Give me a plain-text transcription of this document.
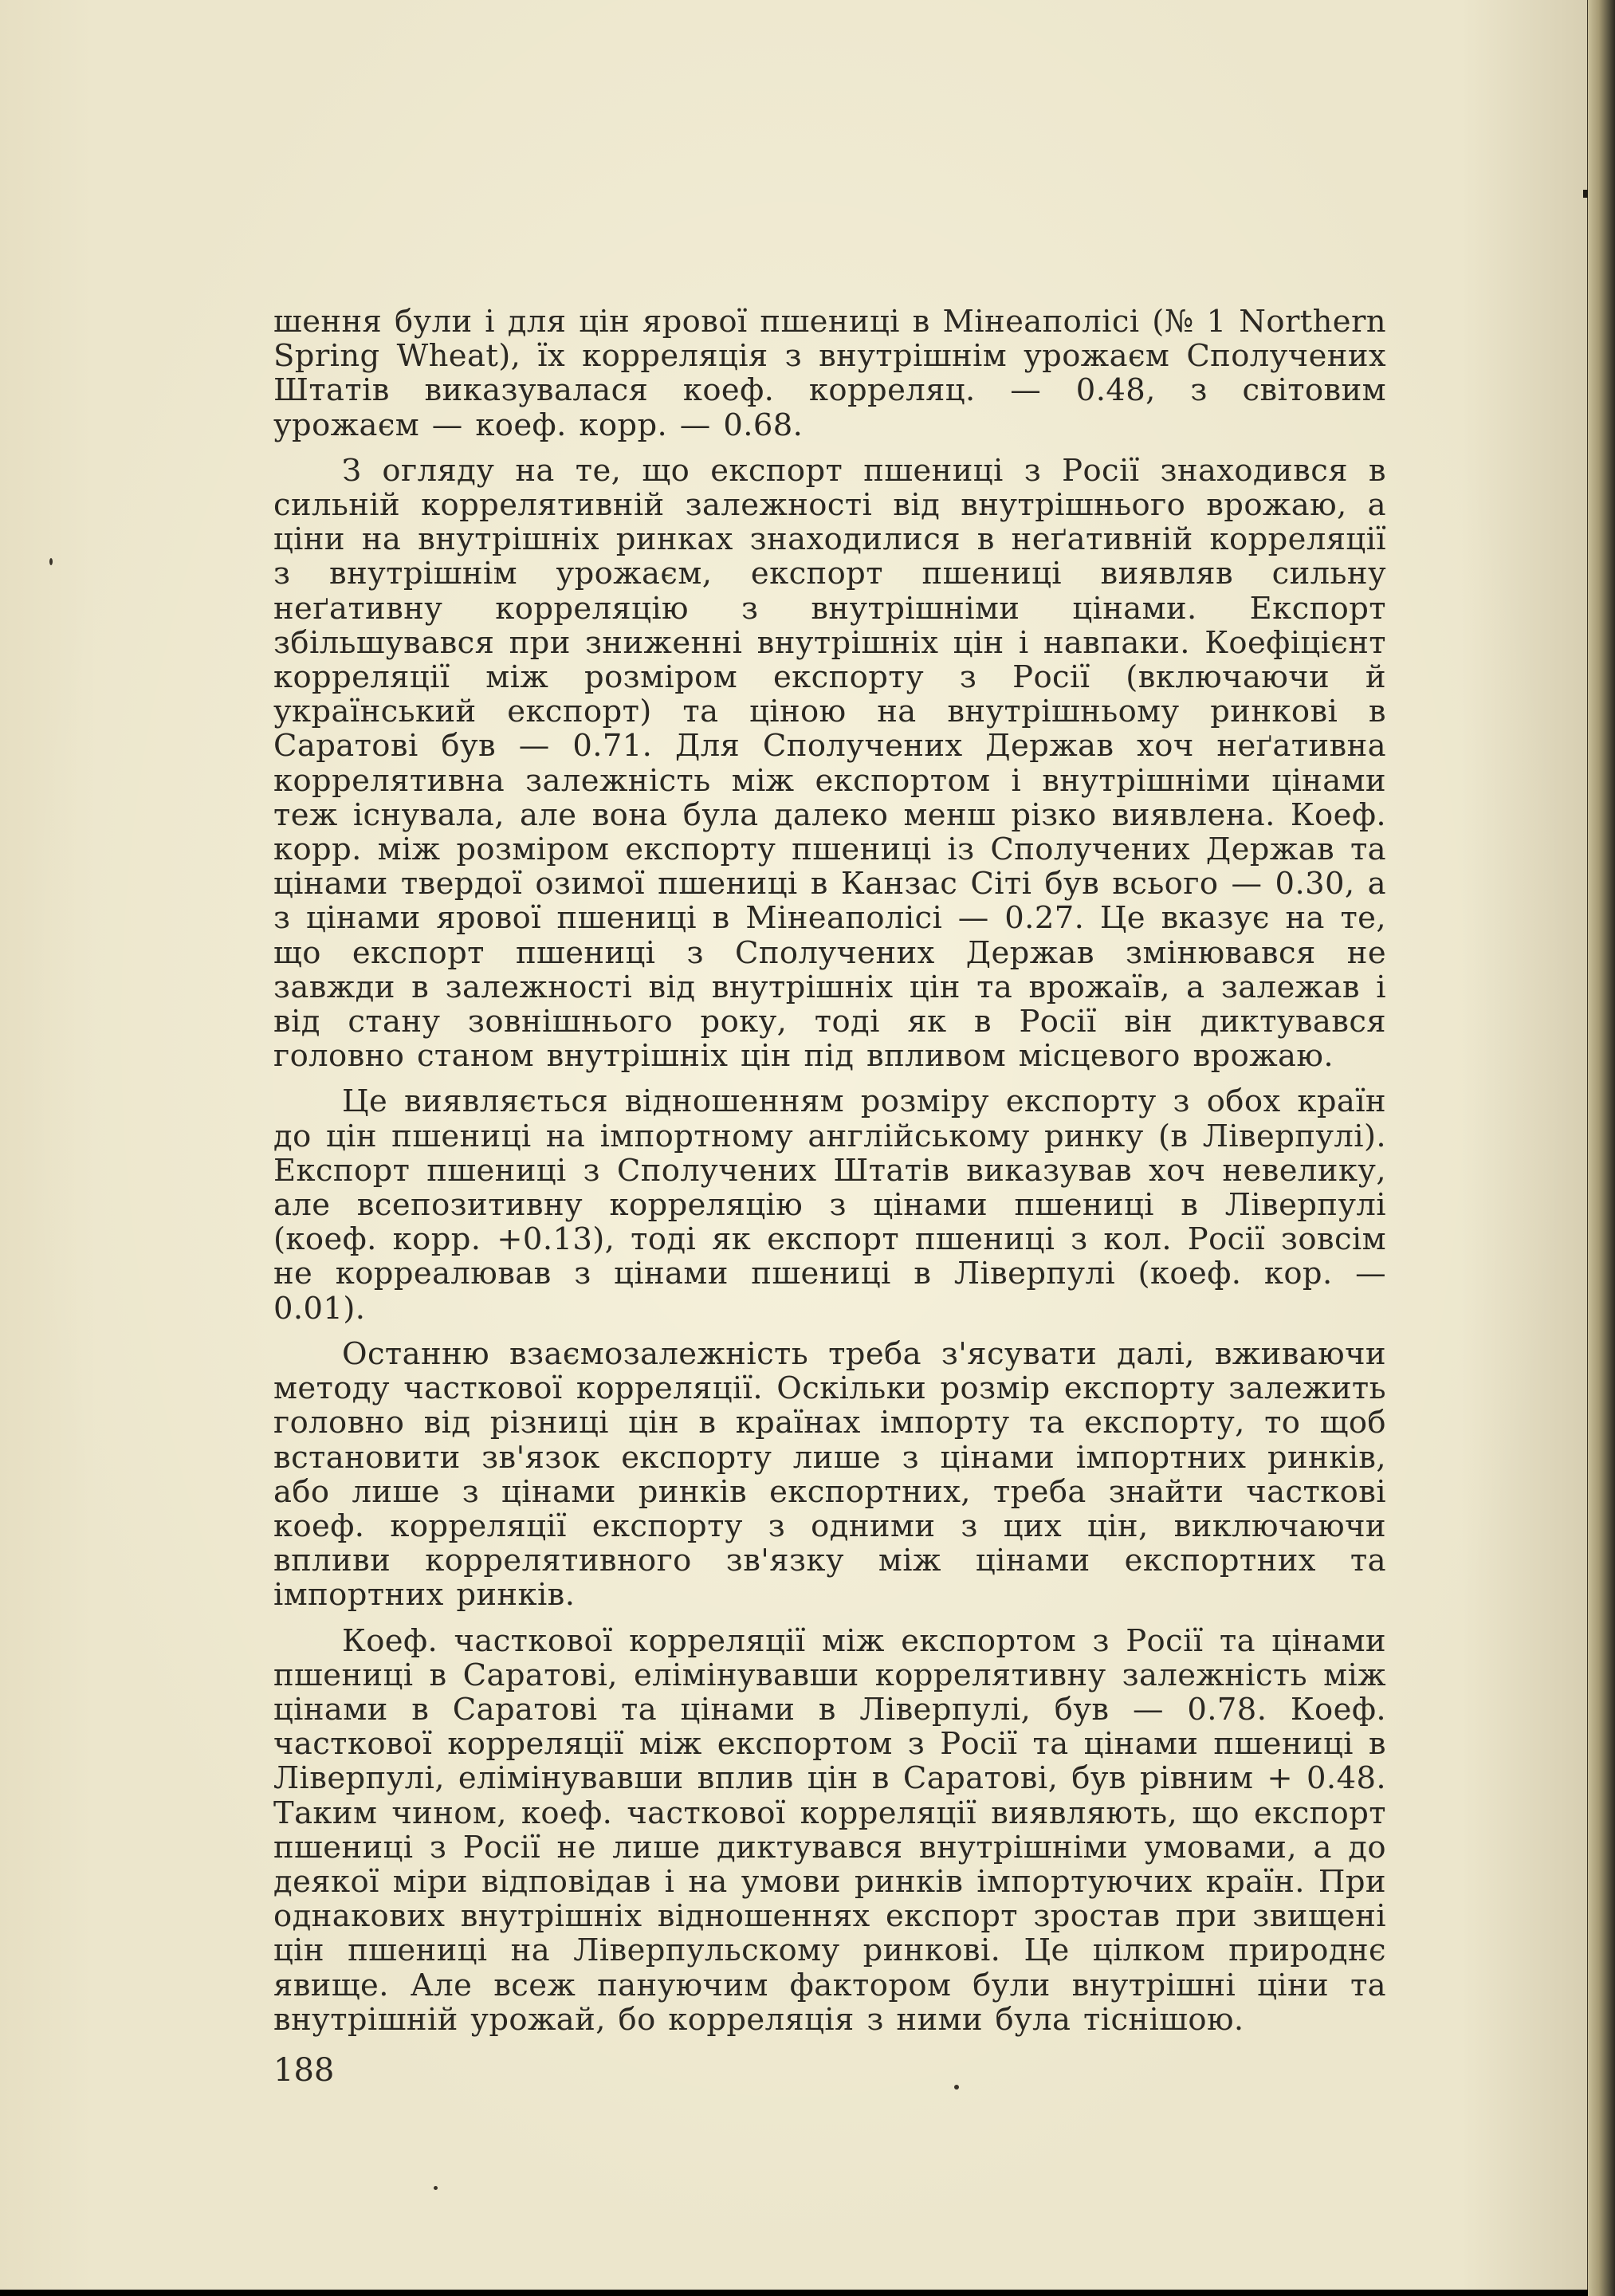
шення були і для цін ярової пшениці в Мінеаполісі (№ 1 Northern Spring Wheat), їх корреляція з внутрішнім урожаєм Сполучених Штатів виказувалася коеф. корреляц. — 0.48, з світовим урожаєм — коеф. корр. — 0.68.

З огляду на те, що експорт пшениці з Росії знаходився в сильній коррелятивній залежності від внутрішнього врожаю, а ціни на внутрішніх ринках знаходилися в неґативній корреляції з внутрішнім урожаєм, експорт пшениці виявляв сильну неґативну корреляцію з внутрішніми цінами. Експорт збільшувався при зниженні внутрішніх цін і навпаки. Коефіцієнт корреляції між розміром експорту з Росії (включаючи й український експорт) та ціною на внутрішньому ринкові в Саратові був — 0.71. Для Сполучених Держав хоч неґативна коррелятивна залежність між експортом і внутрішніми цінами теж існувала, але вона була далеко менш різко виявлена. Коеф. корр. між розміром експорту пшениці із Сполучених Держав та цінами твердої озимої пшениці в Канзас Сіті був всього — 0.30, а з цінами ярової пшениці в Мінеаполісі — 0.27. Це вказує на те, що експорт пшениці з Сполучених Держав змінювався не завжди в залежності від внутрішніх цін та врожаїв, а залежав і від стану зовнішнього року, тоді як в Росії він диктувався головно станом внутрішніх цін під впливом місцевого врожаю.

Це виявляється відношенням розміру експорту з обох країн до цін пшениці на імпортному англійському ринку (в Ліверпулі). Експорт пшениці з Сполучених Штатів виказував хоч невелику, але всепозитивну корреляцію з цінами пшениці в Ліверпулі (коеф. корр. +0.13), тоді як експорт пшениці з кол. Росії зовсім не корреалював з цінами пшениці в Ліверпулі (коеф. кор. — 0.01).

Останню взаємозалежність треба з'ясувати далі, вживаючи методу часткової корреляції. Оскільки розмір експорту залежить головно від різниці цін в країнах імпорту та експорту, то щоб встановити зв'язок експорту лише з цінами імпортних ринків, або лише з цінами ринків експортних, треба знайти часткові коеф. корреляції експорту з одними з цих цін, виключаючи впливи коррелятивного зв'язку між цінами експортних та імпортних ринків.

Коеф. часткової корреляції між експортом з Росії та цінами пшениці в Саратові, елімінувавши коррелятивну залежність між цінами в Саратові та цінами в Ліверпулі, був — 0.78. Коеф. часткової корреляції між експортом з Росії та цінами пшениці в Ліверпулі, елімінувавши вплив цін в Саратові, був рівним + 0.48. Таким чином, коеф. часткової корреляції виявляють, що експорт пшениці з Росії не лише диктувався внутрішніми умовами, а до деякої міри відповідав і на умови ринків імпортуючих країн. При однакових внутрішніх відношеннях експорт зростав при звищені цін пшениці на Ліверпульскому ринкові. Це цілком природнє явище. Але всеж пануючим фактором були внутрішні ціни та внутрішній урожай, бо корреляція з ними була тіснішою.

188
